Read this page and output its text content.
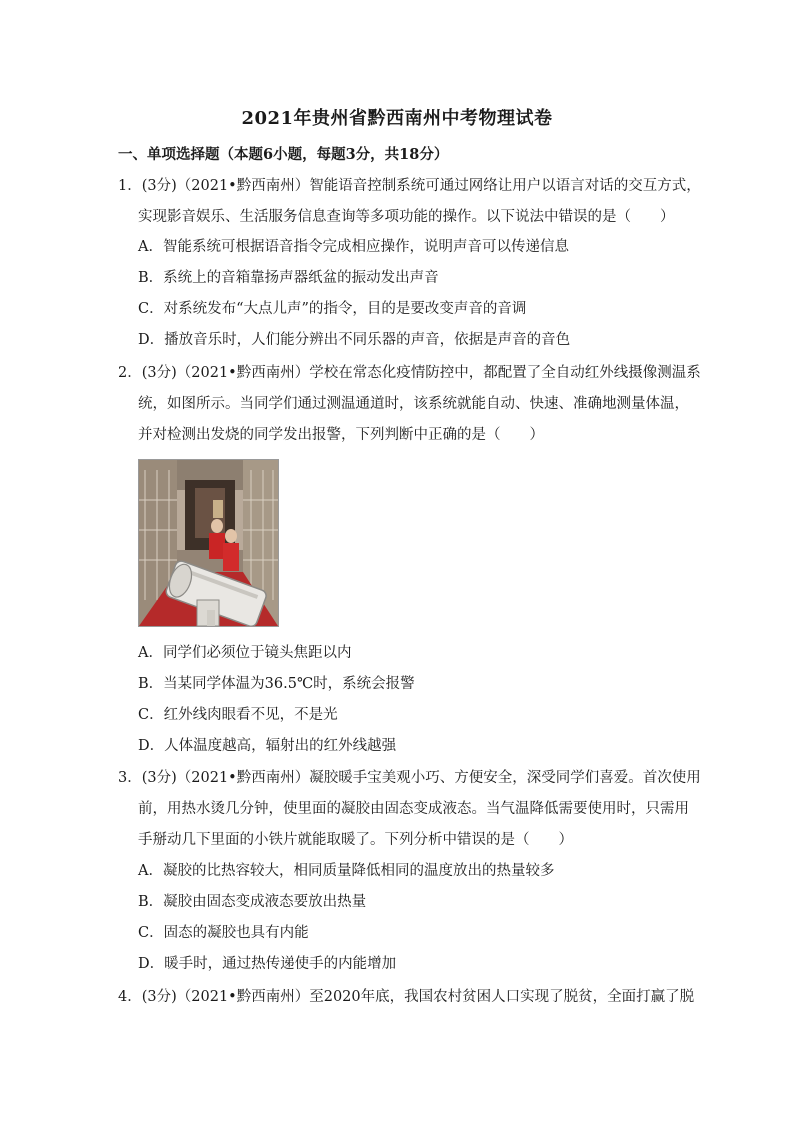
2021年贵州省黔西南州中考物理试卷
一、单项选择题（本题6小题，每题3分，共18分）
1．(3分)（2021•黔西南州）智能语音控制系统可通过网络让用户以语言对话的交互方式，
实现影音娱乐、生活服务信息查询等多项功能的操作。以下说法中错误的是（　　）
A．智能系统可根据语音指令完成相应操作，说明声音可以传递信息
B．系统上的音箱靠扬声器纸盆的振动发出声音
C．对系统发布“大点儿声”的指令，目的是要改变声音的音调
D．播放音乐时，人们能分辨出不同乐器的声音，依据是声音的音色
2．(3分)（2021•黔西南州）学校在常态化疫情防控中，都配置了全自动红外线摄像测温系
统，如图所示。当同学们通过测温通道时，该系统就能自动、快速、准确地测量体温，
并对检测出发烧的同学发出报警，下列判断中正确的是（　　）
A．同学们必须位于镜头焦距以内
B．当某同学体温为36.5℃时，系统会报警
C．红外线肉眼看不见，不是光
D．人体温度越高，辐射出的红外线越强
3．(3分)（2021•黔西南州）凝胶暖手宝美观小巧、方便安全，深受同学们喜爱。首次使用
前，用热水烫几分钟，使里面的凝胶由固态变成液态。当气温降低需要使用时，只需用
手掰动几下里面的小铁片就能取暖了。下列分析中错误的是（　　）
A．凝胶的比热容较大，相同质量降低相同的温度放出的热量较多
B．凝胶由固态变成液态要放出热量
C．固态的凝胶也具有内能
D．暖手时，通过热传递使手的内能增加
4．(3分)（2021•黔西南州）至2020年底，我国农村贫困人口实现了脱贫，全面打赢了脱
